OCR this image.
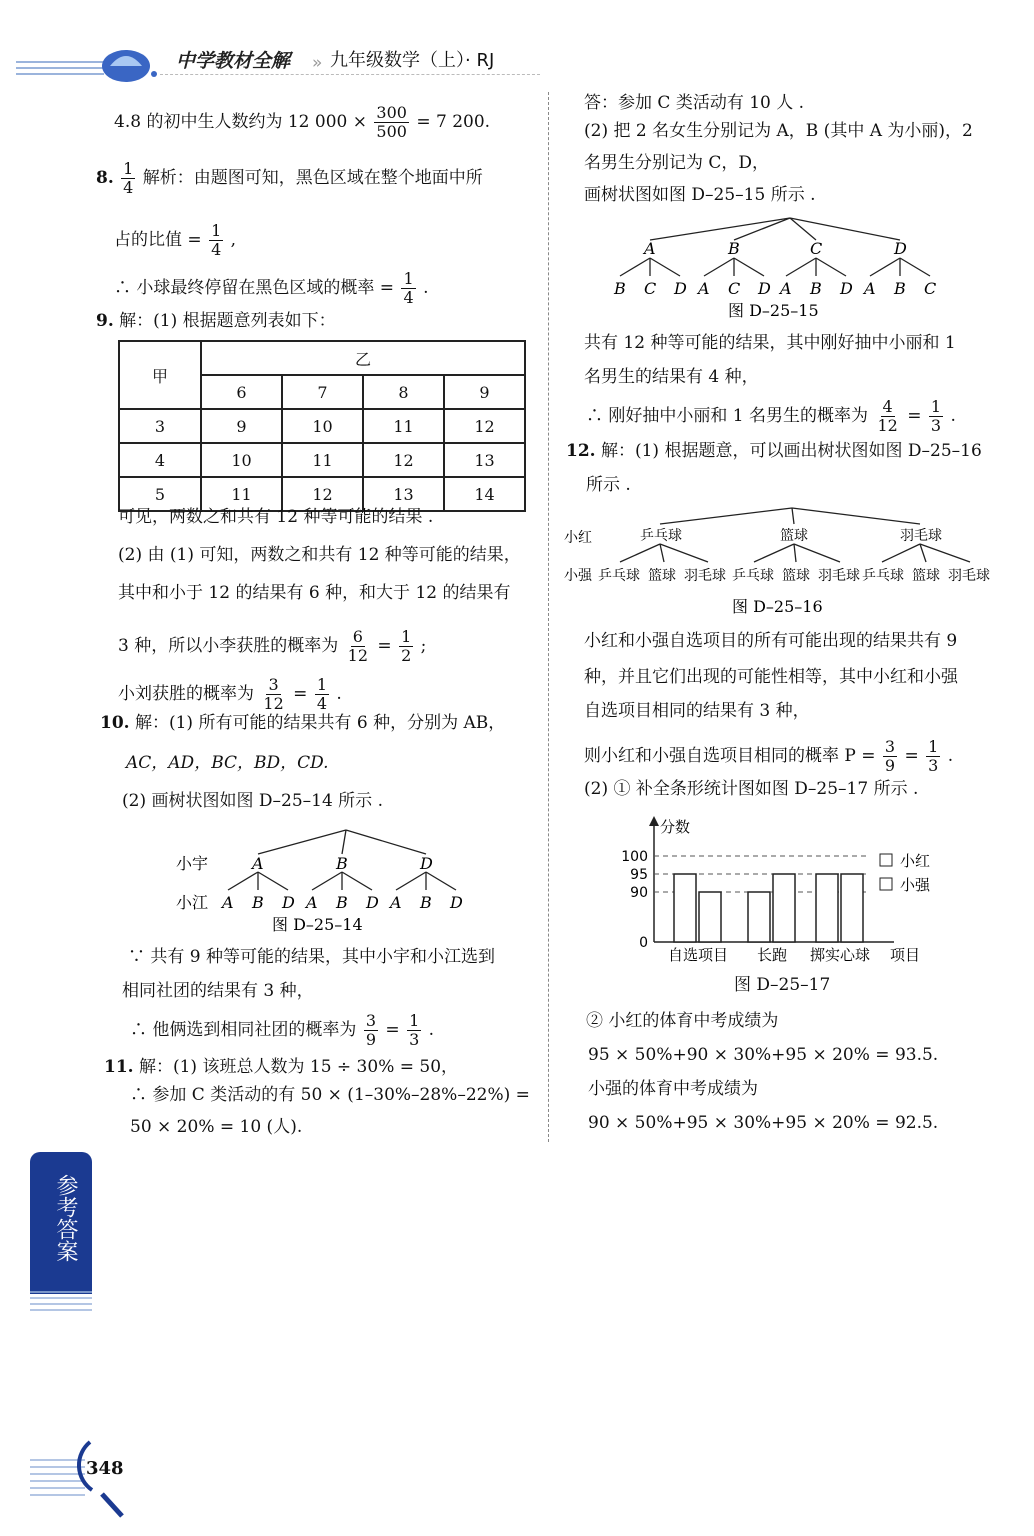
中学教材全解 » 九年级数学（上）· RJ
4.8 的初中生人数约为 12 $000 \times \frac{300}{500} = 7$ 200.
8. $\frac{1}{4}$ 解析：由题图可知，黑色区域在整个地面中所
占的比值 = $\frac{1}{4}$ ,
∴ 小球最终停留在黑色区域的概率 = $\frac{1}{4}$ .
9. 解：(1) 根据题意列表如下：
甲	乙			
	6	7	8	9
3	9	10	11	12
4	10	11	12	13
5	11	12	13	14
可见，两数之和共有 12 种等可能的结果 .
(2) 由 (1) 可知，两数之和共有 12 种等可能的结果，
其中和小于 12 的结果有 6 种，和大于 12 的结果有
3 种，所以小李获胜的概率为 $\frac{6}{12} = \frac{1}{2}$ ;
小刘获胜的概率为 $\frac{3}{12} = \frac{1}{4}$ .
10. 解：(1) 所有可能的结果共有 6 种，分别为 AB，
AC，AD，BC，BD，CD.
(2) 画树状图如图 D–25–14 所示 .
小宇
小江
A	B	D
A B D A B D A B D
图 D–25–14
∵ 共有 9 种等可能的结果，其中小宇和小江选到
相同社团的结果有 3 种，
∴ 他俩选到相同社团的概率为 $\frac{3}{9} = \frac{1}{3}$ .
11. 解：(1) 该班总人数为 15 ÷ 30% = 50，
∴ 参加 C 类活动的有 50 × (1–30%–28%–22%) =
50 × 20% = 10 (人).
参考答案
348
答：参加 C 类活动有 10 人 .
(2) 把 2 名女生分别记为 A，B (其中 A 为小丽)，2
名男生分别记为 C，D，
画树状图如图 D–25–15 所示 .
A	B	C	D
B C D A C D A B D A B C
图 D–25–15
共有 12 种等可能的结果，其中刚好抽中小丽和 1
名男生的结果有 4 种，
∴ 刚好抽中小丽和 1 名男生的概率为 $\frac{4}{12} = \frac{1}{3}$ .
12. 解：(1) 根据题意，可以画出树状图如图 D–25–16
所示 .
小红
小强
乒乓球	篮球	羽毛球
乒乓球 篮球 羽毛球 乒乓球 篮球 羽毛球 乒乓球 篮球 羽毛球
图 D–25–16
小红和小强自选项目的所有可能出现的结果共有 9
种，并且它们出现的可能性相等，其中小红和小强
自选项目相同的结果有 3 种，
则小红和小强自选项目相同的概率 $P = \frac{3}{9} = \frac{1}{3}$ .
(2) ① 补全条形统计图如图 D–25–17 所示 .
分数
项目
小红
小强
100
95
90
0
自选项目 长跑 掷实心球
图 D–25–17
② 小红的体育中考成绩为
95 × 50%+90 × 30%+95 × 20% = 93.5.
小强的体育中考成绩为
90 × 50%+95 × 30%+95 × 20% = 92.5.
